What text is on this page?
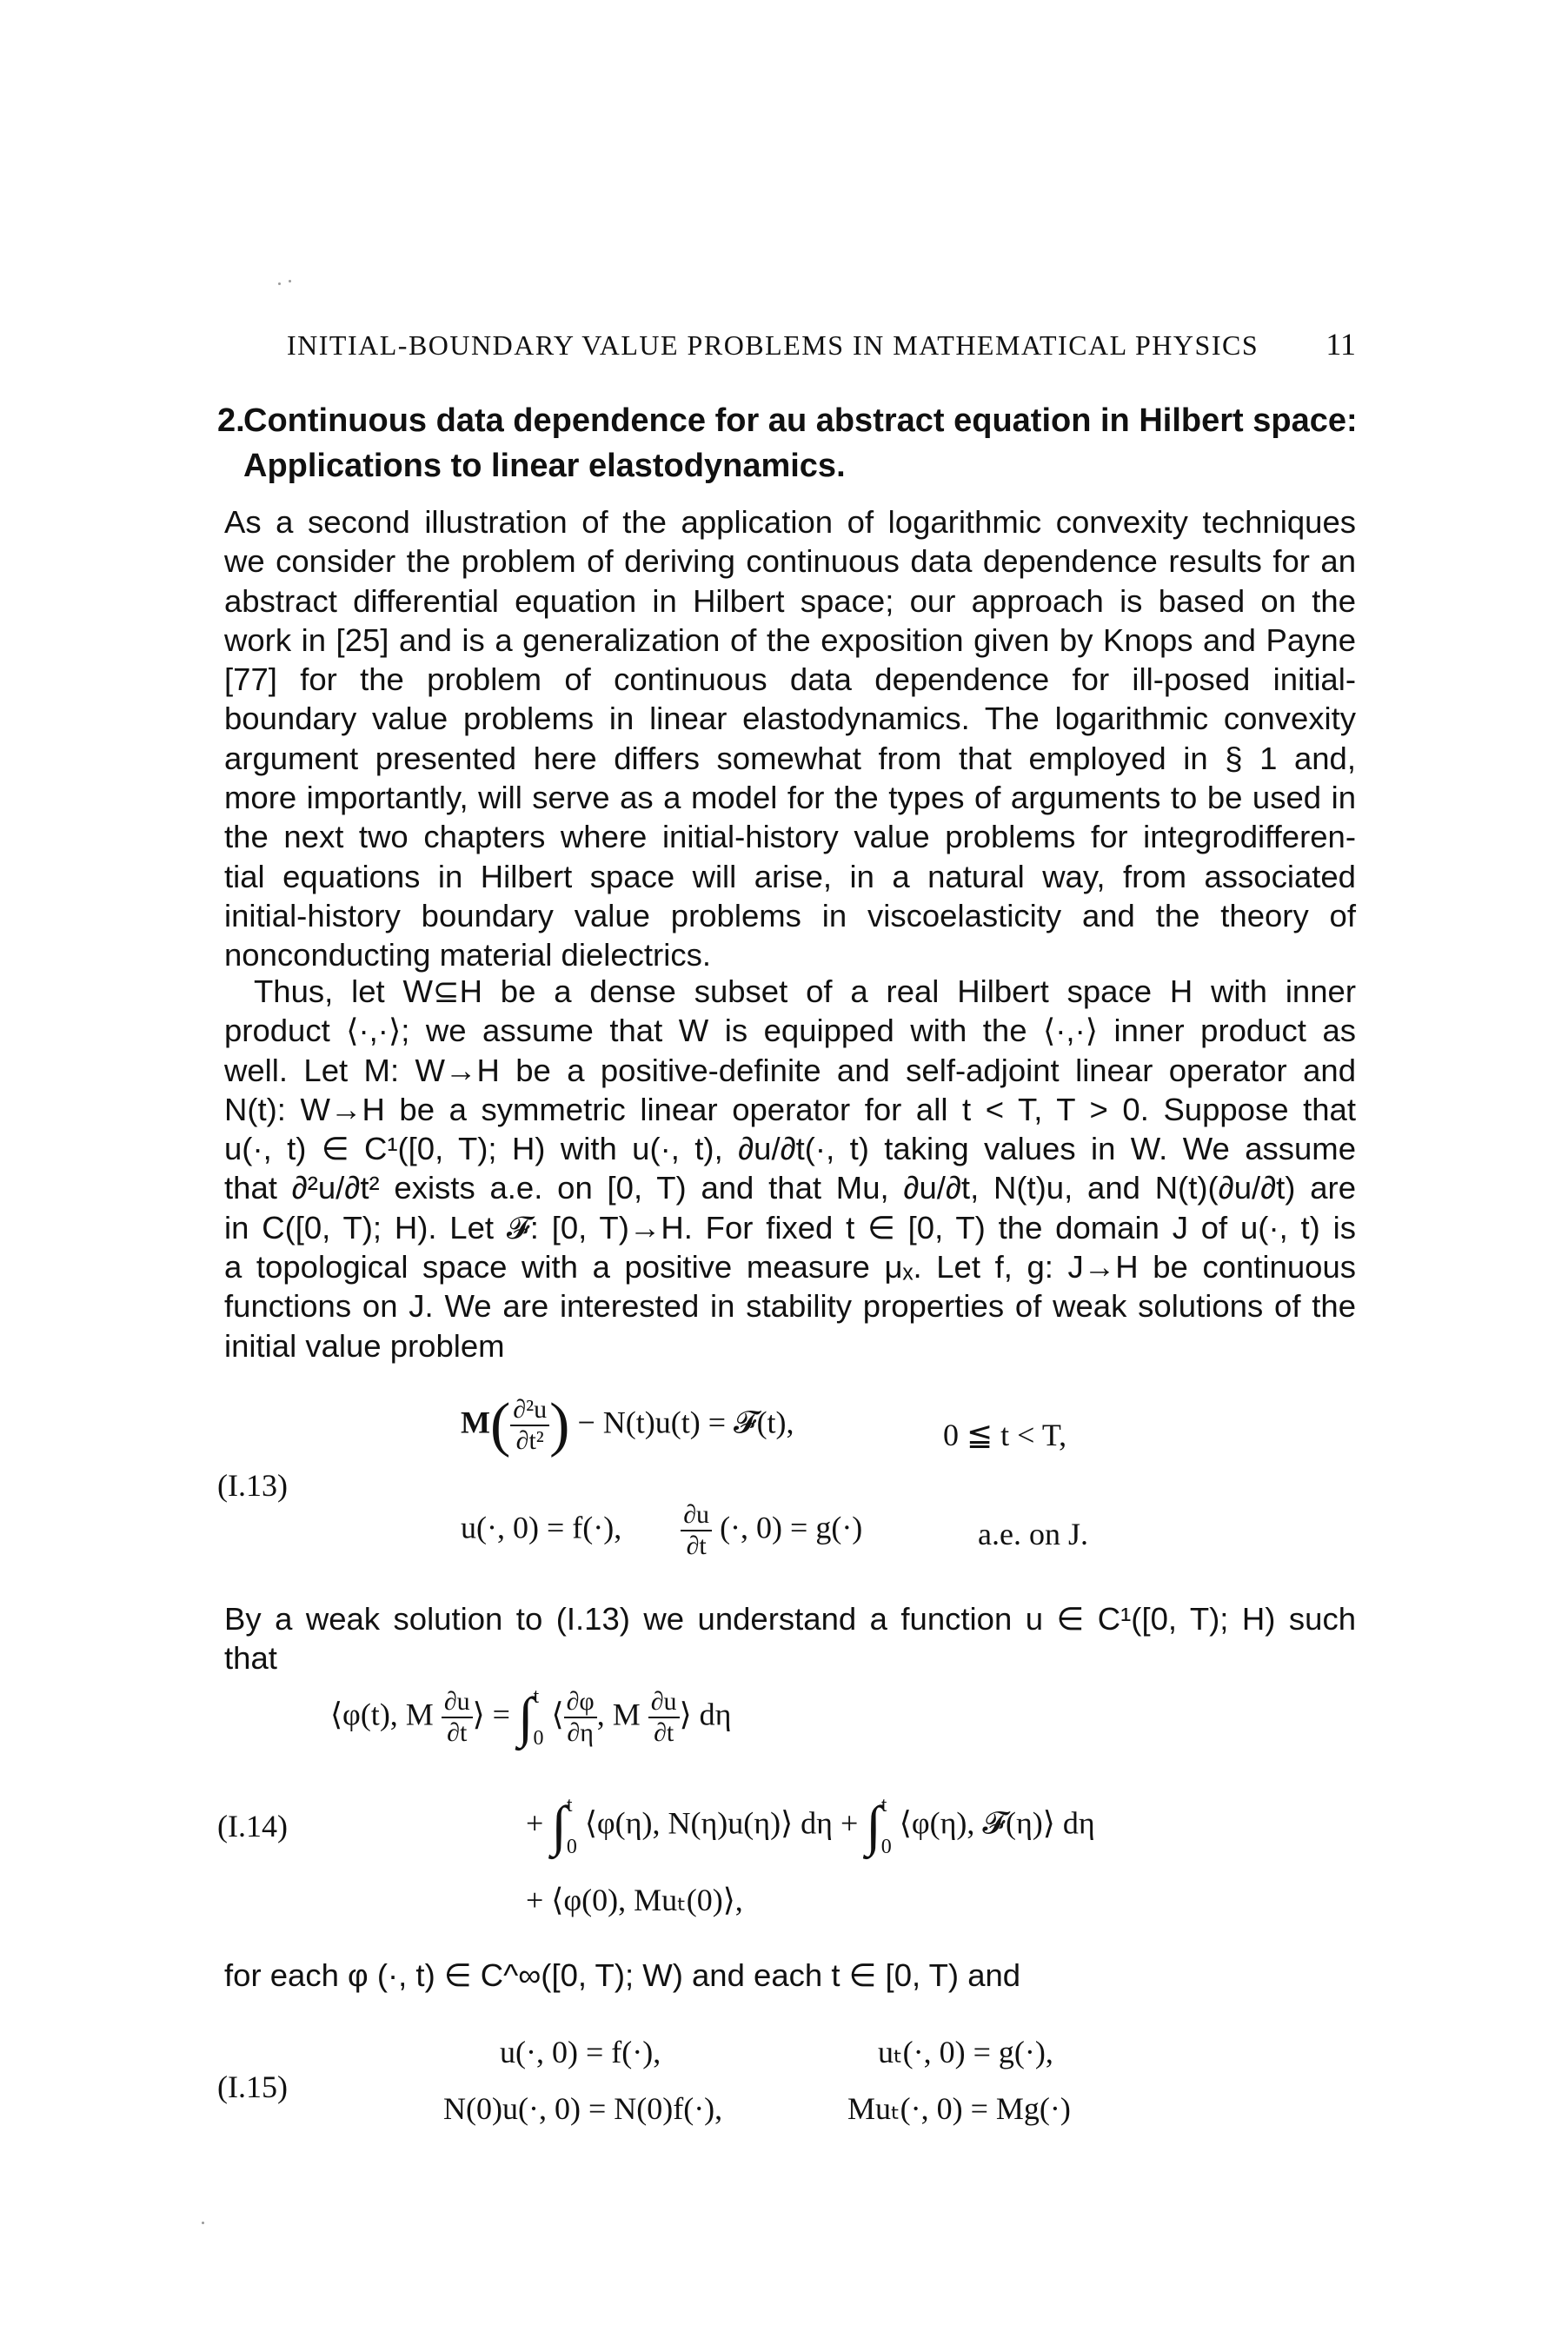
INITIAL-BOUNDARY VALUE PROBLEMS IN MATHEMATICAL PHYSICS 11
2.Continuous data dependence for au abstract equation in Hilbert space:
Applications to linear elastodynamics.
As a second illustration of the application of logarithmic convexity techniques
we consider the problem of deriving continuous data dependence results for an
abstract differential equation in Hilbert space; our approach is based on the
work in [25] and is a generalization of the exposition given by Knops and Payne
[77] for the problem of continuous data dependence for ill-posed initial-
boundary value problems in linear elastodynamics. The logarithmic convexity
argument presented here differs somewhat from that employed in § 1 and,
more importantly, will serve as a model for the types of arguments to be used in
the next two chapters where initial-history value problems for integrodifferen-
tial equations in Hilbert space will arise, in a natural way, from associated
initial-history boundary value problems in viscoelasticity and the theory of
nonconducting material dielectrics.
Thus, let W⊆H be a dense subset of a real Hilbert space H with inner
product ⟨·,·⟩; we assume that W is equipped with the ⟨·,·⟩ inner product as
well. Let M: W→H be a positive-definite and self-adjoint linear operator and
N(t): W→H be a symmetric linear operator for all t < T, T > 0. Suppose that
u(·, t) ∈ C¹([0, T); H) with u(·, t), ∂u/∂t(·, t) taking values in W. We assume
that ∂²u/∂t² exists a.e. on [0, T) and that Mu, ∂u/∂t, N(t)u, and N(t)(∂u/∂t) are
in C([0, T); H). Let 𝓕: [0, T)→H. For fixed t ∈ [0, T) the domain J of u(·, t) is
a topological space with a positive measure μₓ. Let f, g: J→H be continuous
functions on J. We are interested in stability properties of weak solutions of the
initial value problem
(I.13)
$M( \frac{\text{∂²u}}{\text{∂t²}}$ ) − N(t)u(t) = 𝓕(t),	0 ≦ t < T,
u(·, 0) = f(·), $\frac{\partial u}{\partial t}$ (·, 0) = g(·)	a.e. on J.
By a weak solution to (I.13) we understand a function u ∈ C¹([0, T); H) such
that
⟨φ(t), M $\frac{\partial u}{\partial t}$ ⟩ = ∫ t
0
⟨ $\frac{\partial\varphi}{\partial\eta}$ , M $\frac{\partial u}{\partial t}$ ⟩ dη
(I.14)	+ ∫ t
0
⟨φ(η), N(η)u(η)⟩ dη + ∫ t
0
⟨φ(η), 𝓕(η)⟩ dη
+ ⟨φ(0), Muₜ(0)⟩,
for each φ (·, t) ∈ C^∞([0, T); W) and each t ∈ [0, T) and
(I.15)
u(·, 0) = f(·),	uₜ(·, 0) = g(·),
N(0)u(·, 0) = N(0)f(·),	Muₜ(·, 0) = Mg(·)
